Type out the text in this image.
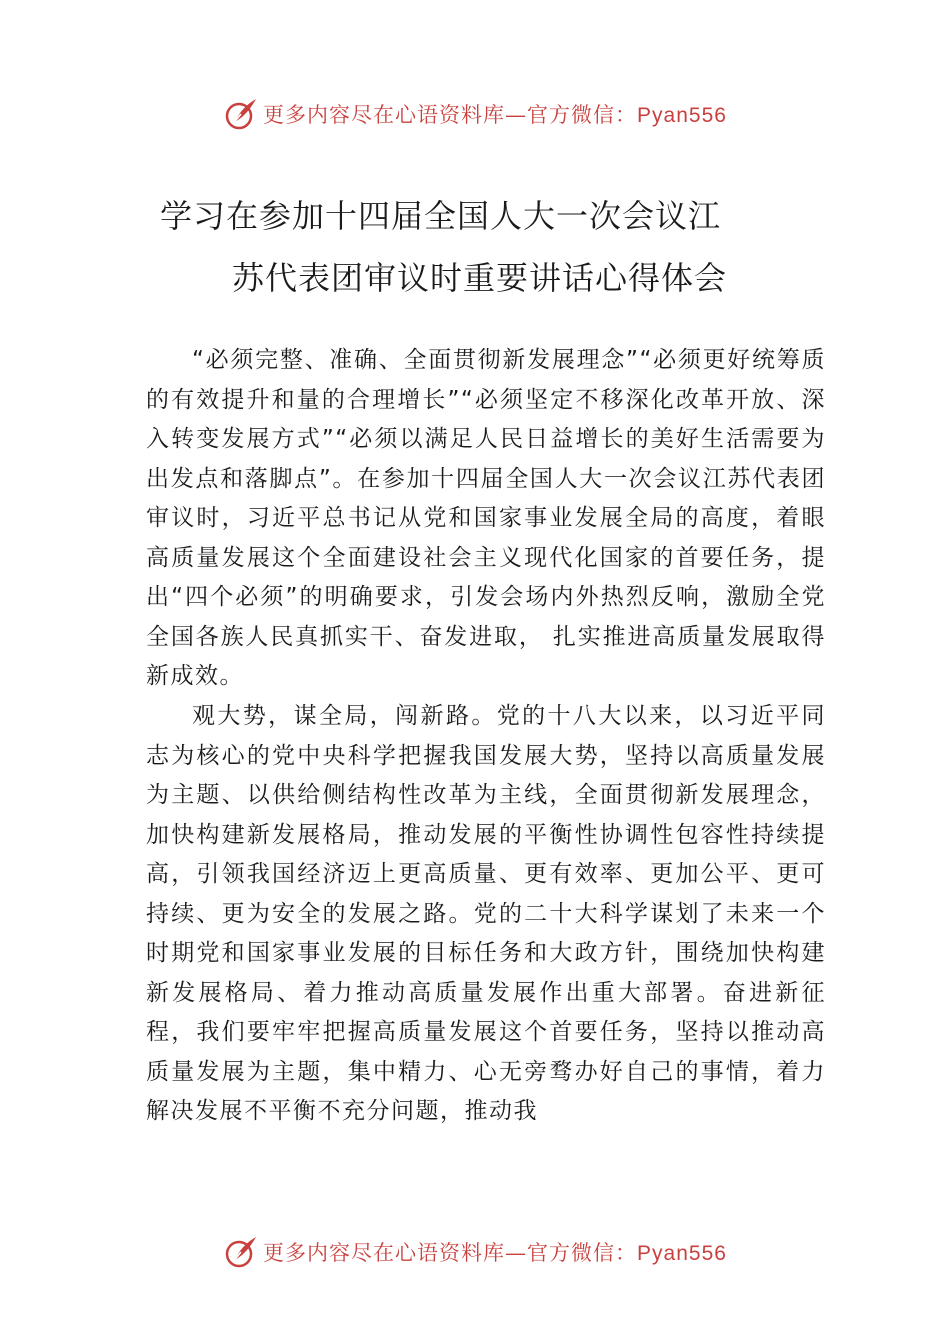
更多内容尽在心语资料库—官方微信：Pyan556
学习在参加十四届全国人大一次会议江
苏代表团审议时重要讲话心得体会

“必须完整、准确、全面贯彻新发展理念”“必须更好统筹质的有效提升和量的合理增长”“必须坚定不移深化改革开放、深入转变发展方式”“必须以满足人民日益增长的美好生活需要为出发点和落脚点”。在参加十四届全国人大一次会议江苏代表团审议时，习近平总书记从党和国家事业发展全局的高度，着眼高质量发展这个全面建设社会主义现代化国家的首要任务，提出“四个必须”的明确要求，引发会场内外热烈反响，激励全党全国各族人民真抓实干、奋发进取， 扎实推进高质量发展取得新成效。

观大势，谋全局，闯新路。党的十八大以来，以习近平同志为核心的党中央科学把握我国发展大势，坚持以高质量发展为主题、以供给侧结构性改革为主线，全面贯彻新发展理念，加快构建新发展格局，推动发展的平衡性协调性包容性持续提高，引领我国经济迈上更高质量、更有效率、更加公平、更可持续、更为安全的发展之路。党的二十大科学谋划了未来一个时期党和国家事业发展的目标任务和大政方针，围绕加快构建新发展格局、着力推动高质量发展作出重大部署。奋进新征程，我们要牢牢把握高质量发展这个首要任务，坚持以推动高质量发展为主题，集中精力、心无旁骛办好自己的事情，着力解决发展不平衡不充分问题，推动我

更多内容尽在心语资料库—官方微信：Pyan556
